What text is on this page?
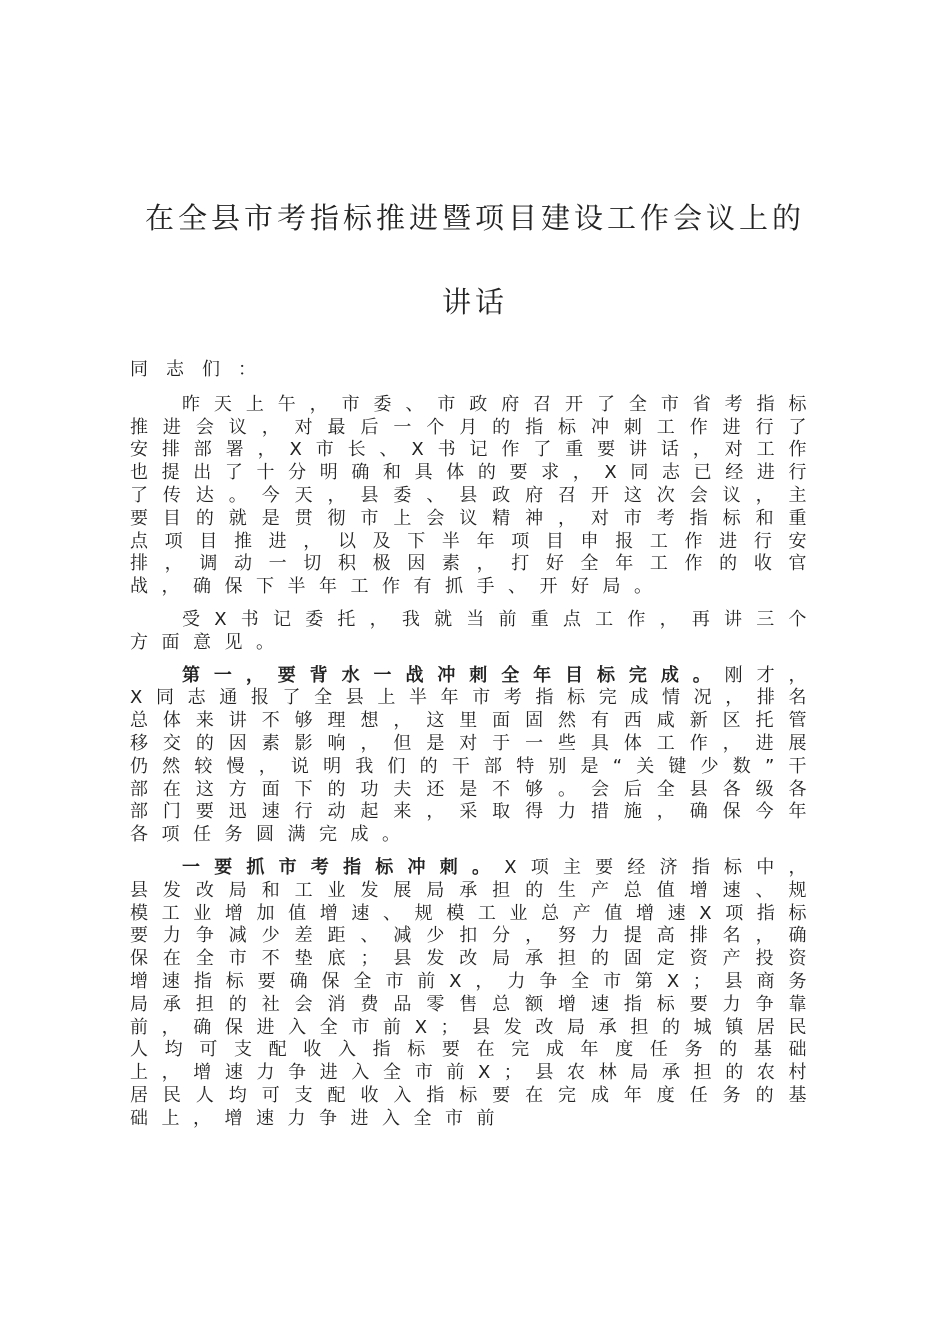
在全县市考指标推进暨项目建设工作会议上的
讲话

同志们：

昨天上午，市委、市政府召开了全市省考指标推进会议，对最后一个月的指标冲刺工作进行了安排部署，X市长、X书记作了重要讲话，对工作也提出了十分明确和具体的要求，X同志已经进行了传达。今天，县委、县政府召开这次会议，主要目的就是贯彻市上会议精神，对市考指标和重点项目推进，以及下半年项目申报工作进行安排，调动一切积极因素，打好全年工作的收官战，确保下半年工作有抓手、开好局。

受X书记委托，我就当前重点工作，再讲三个方面意见。

第一，要背水一战冲刺全年目标完成。刚才，X同志通报了全县上半年市考指标完成情况，排名总体来讲不够理想，这里面固然有西咸新区托管移交的因素影响，但是对于一些具体工作，进展仍然较慢，说明我们的干部特别是“关键少数”干部在这方面下的功夫还是不够。会后全县各级各部门要迅速行动起来，采取得力措施，确保今年各项任务圆满完成。

一要抓市考指标冲刺。X项主要经济指标中，县发改局和工业发展局承担的生产总值增速、规模工业增加值增速、规模工业总产值增速X项指标要力争减少差距、减少扣分，努力提高排名，确保在全市不垫底；县发改局承担的固定资产投资增速指标要确保全市前X，力争全市第X；县商务局承担的社会消费品零售总额增速指标要力争靠前，确保进入全市前X；县发改局承担的城镇居民人均可支配收入指标要在完成年度任务的基础上，增速力争进入全市前X；县农林局承担的农村居民人均可支配收入指标要在完成年度任务的基础上，增速力争进入全市前
